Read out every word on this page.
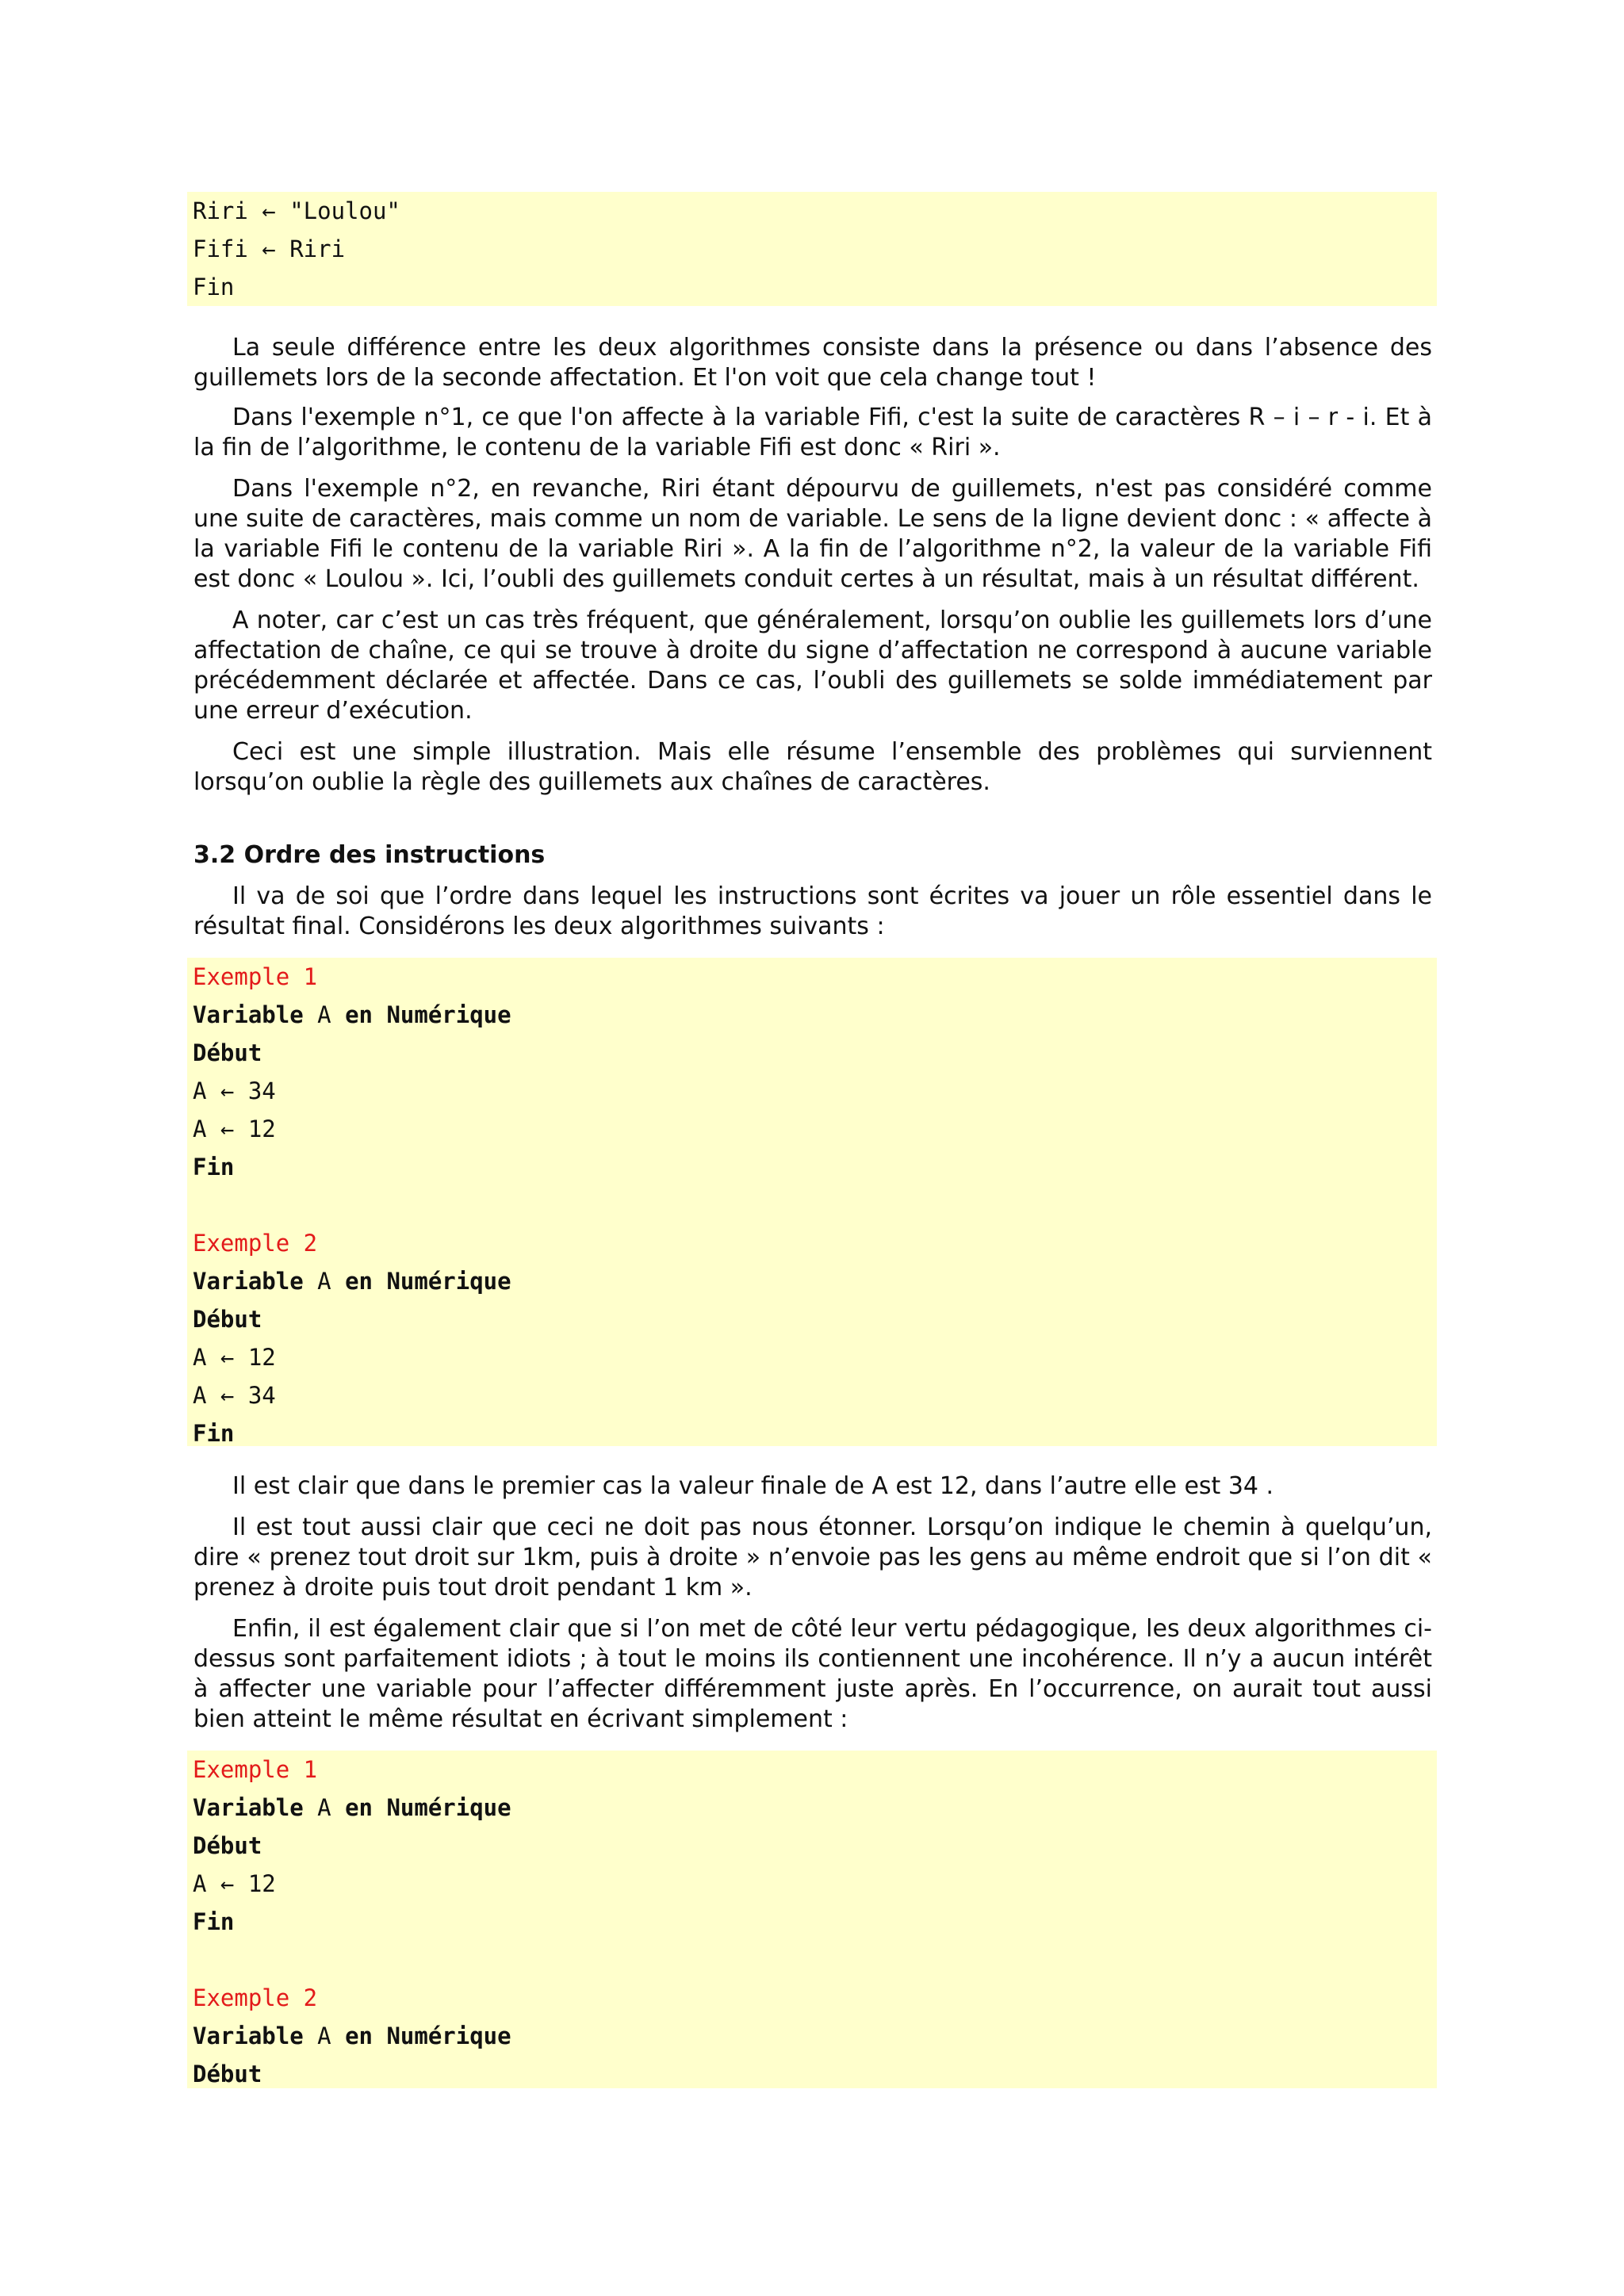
Riri ← "Loulou"
Fifi ← Riri
Fin

La seule différence entre les deux algorithmes consiste dans la présence ou dans l’absence des guillemets lors de la seconde affectation. Et l'on voit que cela change tout !

Dans l'exemple n°1, ce que l'on affecte à la variable Fifi, c'est la suite de caractères R – i – r - i. Et à la fin de l’algorithme, le contenu de la variable Fifi est donc « Riri ».

Dans l'exemple n°2, en revanche, Riri étant dépourvu de guillemets, n'est pas considéré comme une suite de caractères, mais comme un nom de variable. Le sens de la ligne devient donc : « affecte à la variable Fifi le contenu de la variable Riri ». A la fin de l’algorithme n°2, la valeur de la variable Fifi est donc « Loulou ». Ici, l’oubli des guillemets conduit certes à un résultat, mais à un résultat différent.

A noter, car c’est un cas très fréquent, que généralement, lorsqu’on oublie les guillemets lors d’une affectation de chaîne, ce qui se trouve à droite du signe d’affectation ne correspond à aucune variable précédemment déclarée et affectée. Dans ce cas, l’oubli des guillemets se solde immédiatement par une erreur d’exécution.

Ceci est une simple illustration. Mais elle résume l’ensemble des problèmes qui surviennent lorsqu’on oublie la règle des guillemets aux chaînes de caractères.

3.2 Ordre des instructions

Il va de soi que l’ordre dans lequel les instructions sont écrites va jouer un rôle essentiel dans le résultat final. Considérons les deux algorithmes suivants :

Exemple 1
Variable A en Numérique
Début
A ← 34
A ← 12
Fin
Exemple 2
Variable A en Numérique
Début
A ← 12
A ← 34
Fin

Il est clair que dans le premier cas la valeur finale de A est 12, dans l’autre elle est 34 .

Il est tout aussi clair que ceci ne doit pas nous étonner. Lorsqu’on indique le chemin à quelqu’un, dire « prenez tout droit sur 1km, puis à droite » n’envoie pas les gens au même endroit que si l’on dit « prenez à droite puis tout droit pendant 1 km ».

Enfin, il est également clair que si l’on met de côté leur vertu pédagogique, les deux algorithmes ci-dessus sont parfaitement idiots ; à tout le moins ils contiennent une incohérence. Il n’y a aucun intérêt à affecter une variable pour l’affecter différemment juste après. En l’occurrence, on aurait tout aussi bien atteint le même résultat en écrivant simplement :

Exemple 1
Variable A en Numérique
Début
A ← 12
Fin
Exemple 2
Variable A en Numérique
Début
